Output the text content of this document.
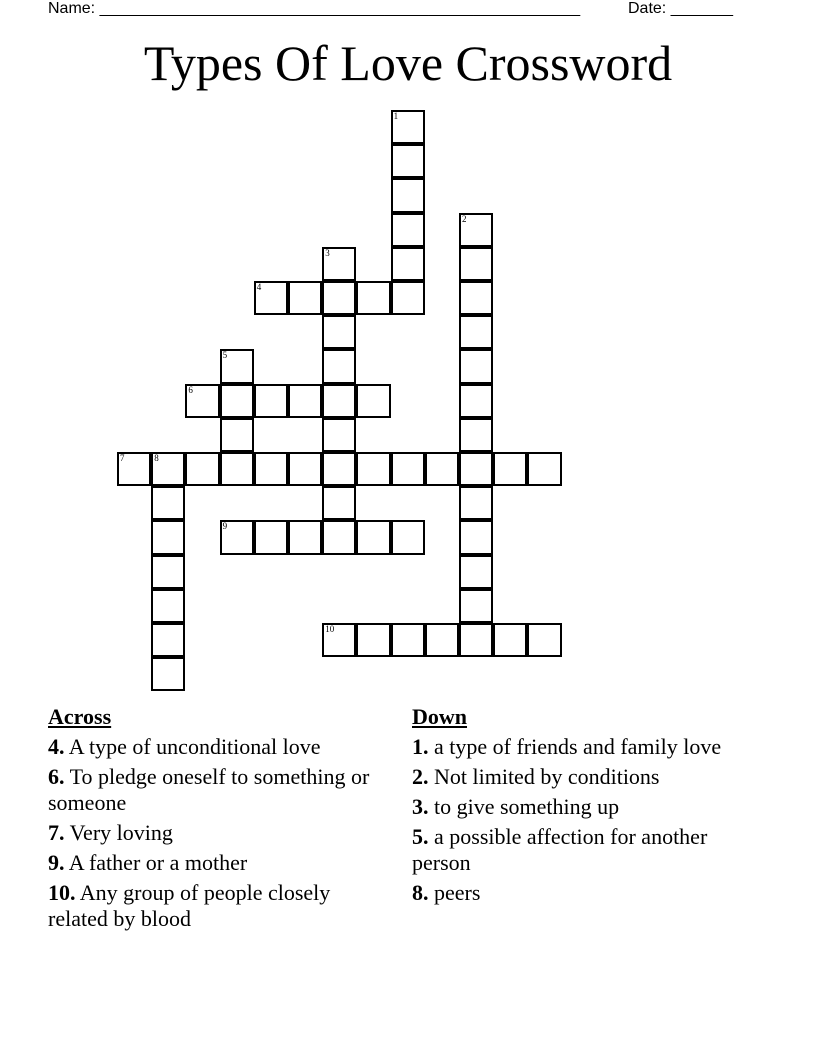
Name: ______________________________________________________	Date: _______
Types Of Love Crossword
1
2
3
4
5
6
7	8
9
10
Across
4. A type of unconditional love
6. To pledge oneself to something or someone
7. Very loving
9. A father or a mother
10. Any group of people closely related by blood
Down
1. a type of friends and family love
2. Not limited by conditions
3. to give something up
5. a possible affection for another person
8. peers
